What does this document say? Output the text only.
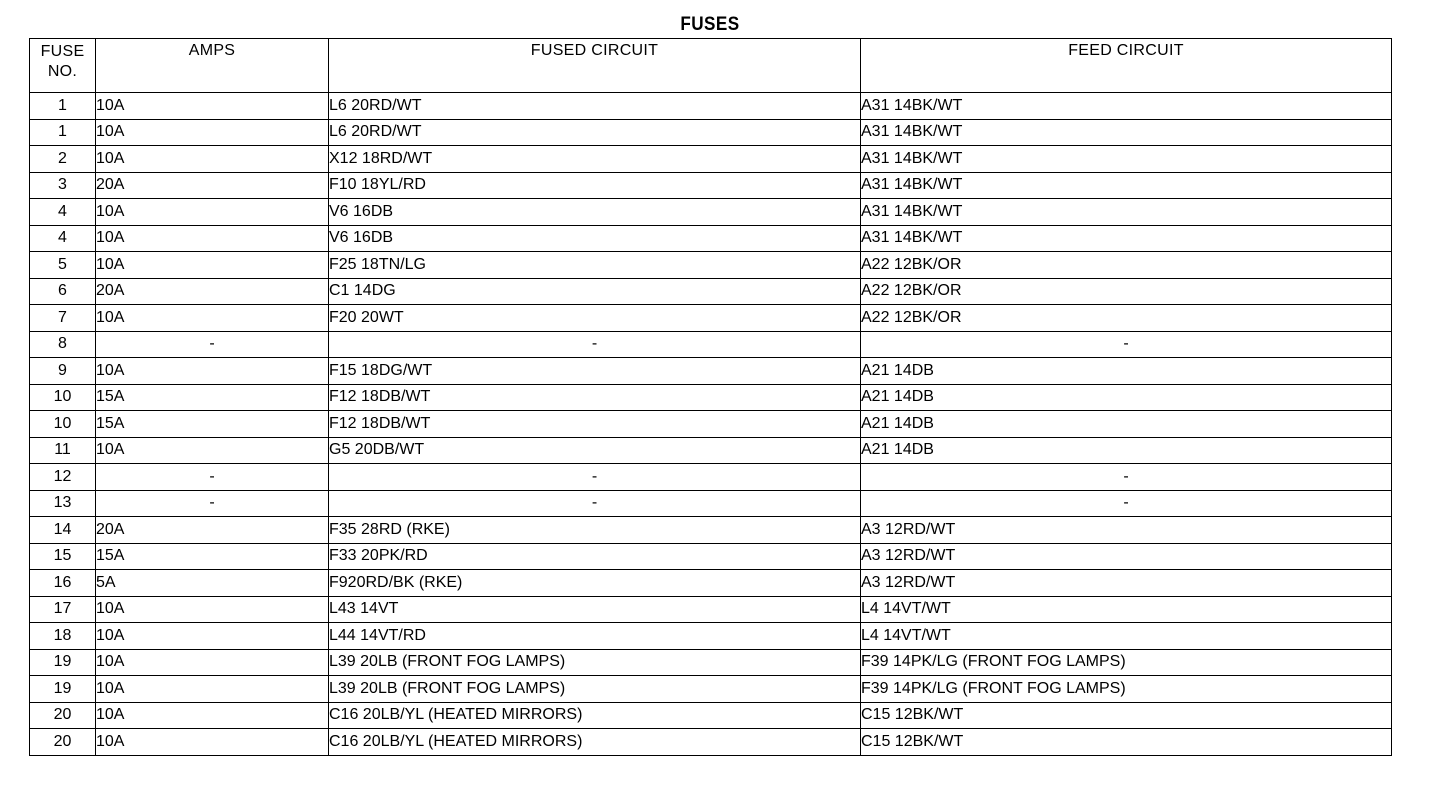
FUSES
FUSE
NO.	AMPS	FUSED CIRCUIT	FEED CIRCUIT
1	10A	L6 20RD/WT	A31 14BK/WT
1	10A	L6 20RD/WT	A31 14BK/WT
2	10A	X12 18RD/WT	A31 14BK/WT
3	20A	F10 18YL/RD	A31 14BK/WT
4	10A	V6 16DB	A31 14BK/WT
4	10A	V6 16DB	A31 14BK/WT
5	10A	F25 18TN/LG	A22 12BK/OR
6	20A	C1 14DG	A22 12BK/OR
7	10A	F20 20WT	A22 12BK/OR
8	-	-	-
9	10A	F15 18DG/WT	A21 14DB
10	15A	F12 18DB/WT	A21 14DB
10	15A	F12 18DB/WT	A21 14DB
11	10A	G5 20DB/WT	A21 14DB
12	-	-	-
13	-	-	-
14	20A	F35 28RD (RKE)	A3 12RD/WT
15	15A	F33 20PK/RD	A3 12RD/WT
16	5A	F920RD/BK (RKE)	A3 12RD/WT
17	10A	L43 14VT	L4 14VT/WT
18	10A	L44 14VT/RD	L4 14VT/WT
19	10A	L39 20LB (FRONT FOG LAMPS)	F39 14PK/LG (FRONT FOG LAMPS)
19	10A	L39 20LB (FRONT FOG LAMPS)	F39 14PK/LG (FRONT FOG LAMPS)
20	10A	C16 20LB/YL (HEATED MIRRORS)	C15 12BK/WT
20	10A	C16 20LB/YL (HEATED MIRRORS)	C15 12BK/WT
